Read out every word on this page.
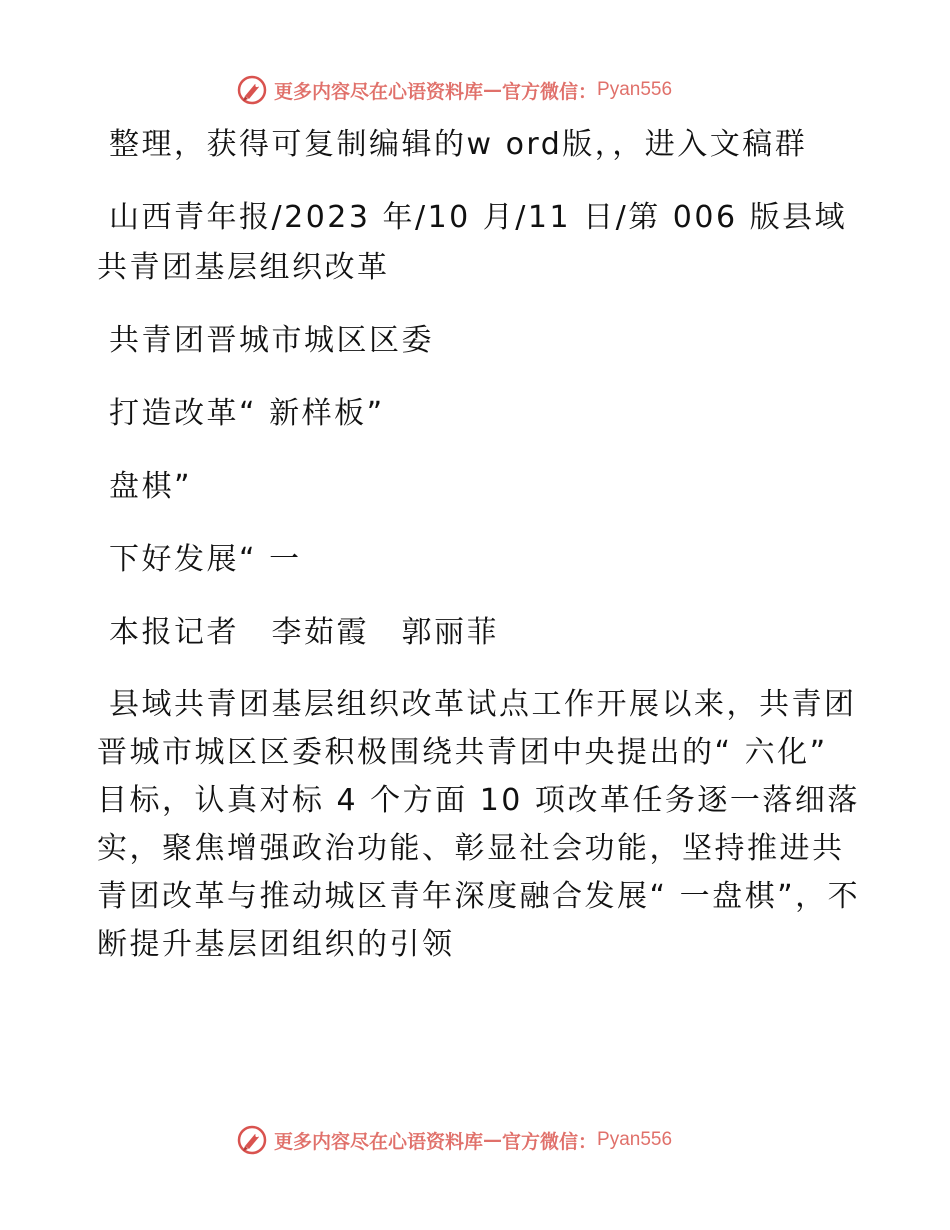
更多内容尽在心语资料库 — 官方微信： Pyan556

整理，获得可复制编辑的w ord版，，进入文稿群

山西青年报/2023 年/10 月/11 日/第 006 版县域共青团基层组织改革

共青团晋城市城区区委

打造改革“ 新样板”

盘棋”

下好发展“ 一

本报记者　李茹霞　郭丽菲

县域共青团基层组织改革试点工作开展以来，共青团晋城市城区区委积极围绕共青团中央提出的“ 六化” 目标，认真对标 4 个方面 10 项改革任务逐一落细落实，聚焦增强政治功能、彰显社会功能，坚持推进共青团改革与推动城区青年深度融合发展“ 一盘棋”，不断提升基层团组织的引领

更多内容尽在心语资料库 — 官方微信： Pyan556
